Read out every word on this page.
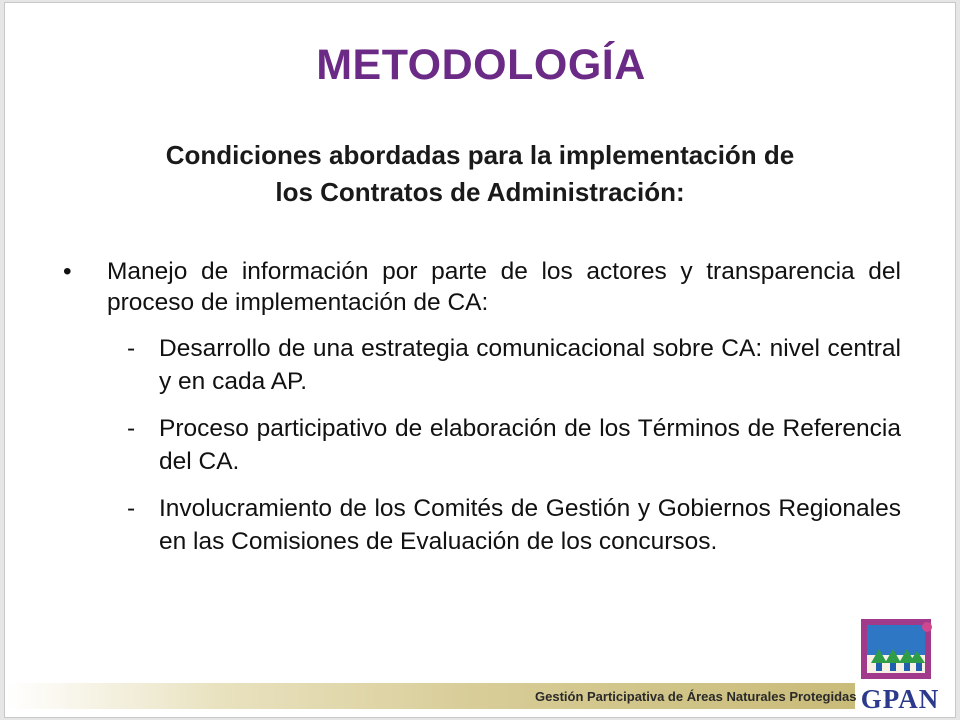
METODOLOGÍA
Condiciones abordadas para la implementación de
los Contratos de Administración:
•	Manejo de información por parte de los actores y transparencia del proceso de implementación de CA:
- Desarrollo de una estrategia comunicacional sobre CA: nivel central y en cada AP.
- Proceso participativo de elaboración de los Términos de Referencia del CA.
- Involucramiento de los Comités de Gestión y Gobiernos Regionales en las Comisiones de Evaluación de los concursos.
Gestión Participativa de Áreas Naturales Protegidas GPAN
